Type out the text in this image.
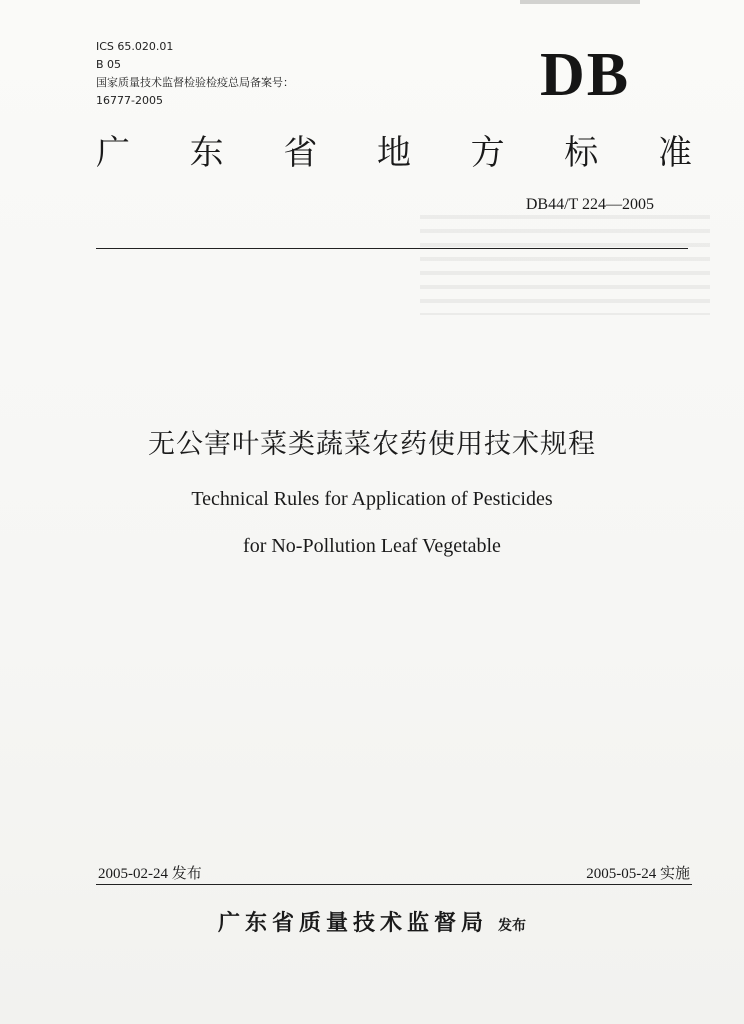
ICS 65.020.01
B 05
国家质量技术监督检验检疫总局备案号：
16777-2005	DB
广 东 省 地 方 标 准
DB44/T 224—2005
无公害叶菜类蔬菜农药使用技术规程
Technical Rules for Application of Pesticides
for No-Pollution Leaf Vegetable
2005-02-24 发布	2005-05-24 实施
广东省质量技术监督局 发布
